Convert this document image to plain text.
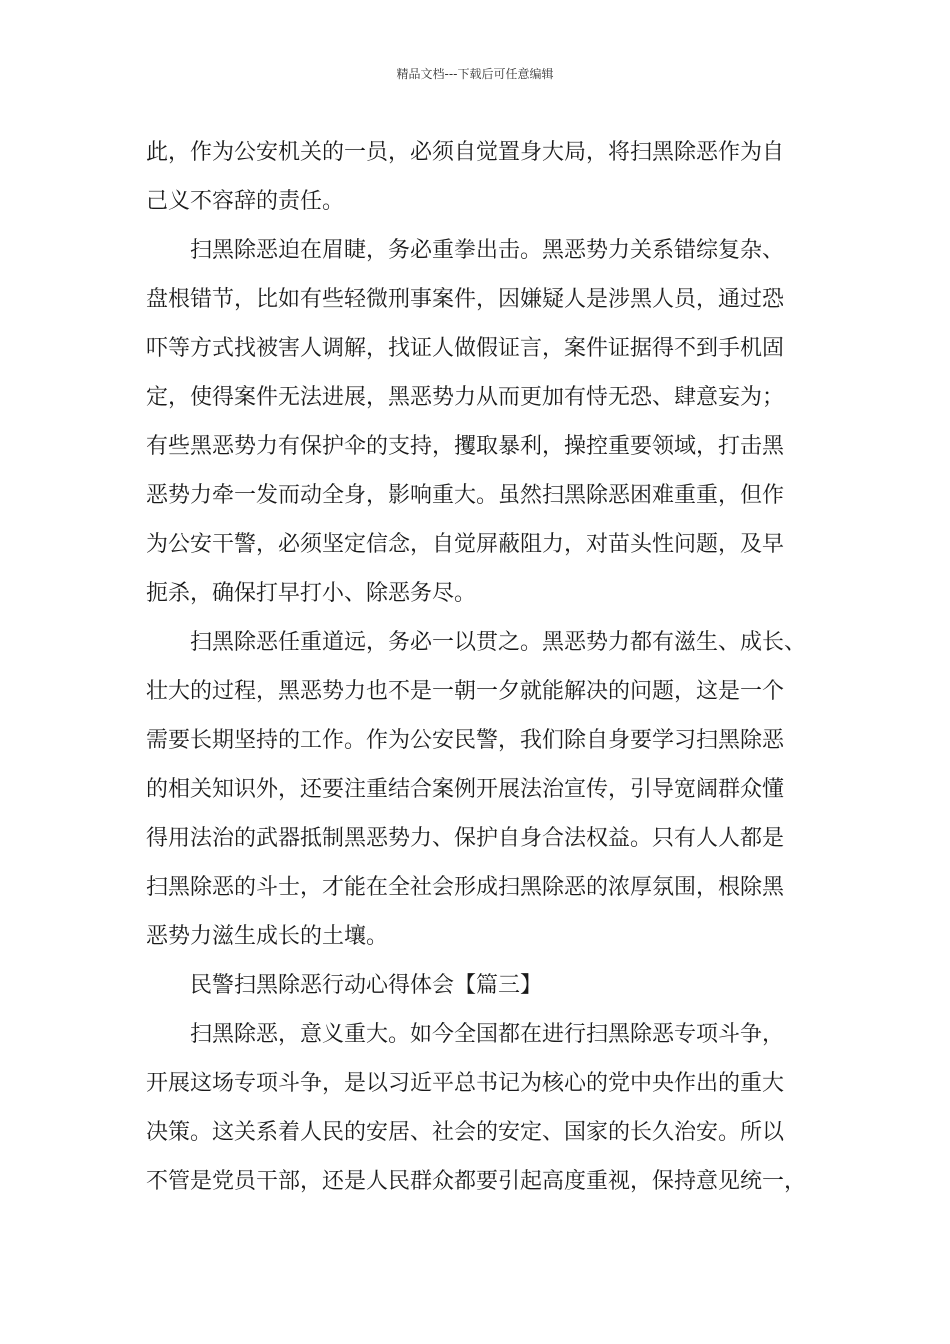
精品文档---下载后可任意编辑
此，作为公安机关的一员，必须自觉置身大局，将扫黑除恶作为自
己义不容辞的责任。
扫黑除恶迫在眉睫，务必重拳出击。黑恶势力关系错综复杂、
盘根错节，比如有些轻微刑事案件，因嫌疑人是涉黑人员，通过恐
吓等方式找被害人调解，找证人做假证言，案件证据得不到手机固
定，使得案件无法进展，黑恶势力从而更加有恃无恐、肆意妄为；
有些黑恶势力有保护伞的支持，攫取暴利，操控重要领域，打击黑
恶势力牵一发而动全身，影响重大。虽然扫黑除恶困难重重，但作
为公安干警，必须坚定信念，自觉屏蔽阻力，对苗头性问题，及早
扼杀，确保打早打小、除恶务尽。
扫黑除恶任重道远，务必一以贯之。黑恶势力都有滋生、成长、
壮大的过程，黑恶势力也不是一朝一夕就能解决的问题，这是一个
需要长期坚持的工作。作为公安民警，我们除自身要学习扫黑除恶
的相关知识外，还要注重结合案例开展法治宣传，引导宽阔群众懂
得用法治的武器抵制黑恶势力、保护自身合法权益。只有人人都是
扫黑除恶的斗士，才能在全社会形成扫黑除恶的浓厚氛围，根除黑
恶势力滋生成长的土壤。
民警扫黑除恶行动心得体会【篇三】
扫黑除恶，意义重大。如今全国都在进行扫黑除恶专项斗争，
开展这场专项斗争，是以习近平总书记为核心的党中央作出的重大
决策。这关系着人民的安居、社会的安定、国家的长久治安。所以
不管是党员干部，还是人民群众都要引起高度重视，保持意见统一，
